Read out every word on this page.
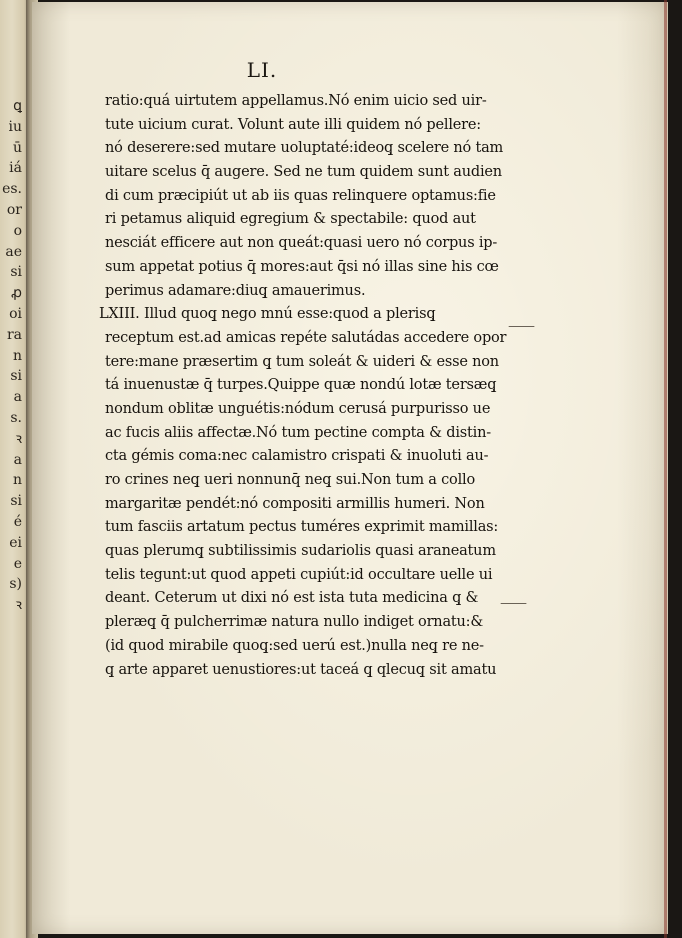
ꝗ
iu
ū
iá
es.
or
o
ae
si
ꝓ
oi
ra
n
si
a
s.
ꝛ
a
n
si
é
ei
e
s)
ꝛ
LI.
ratio:quá uirtutem appellamus.Nó enim uicio sed uir-
tute uicium curat. Volunt aute illi quidem nó pellere:
nó deserere:sed mutare uoluptaté:ideoq̧ scelere nó tam
uitare scelus q̄ augere. Sed ne tum quidem sunt audien
di cum præcipiút ut ab iis quas relinquere optamus:fie
ri petamus aliquid egregium & spectabile: quod aut
nesciát efficere aut non queát:quasi uero nó corpus ip-
sum appetat potius q̄ mores:aut q̄si nó illas sine his cœ
perimus adamare:diuq̧ amauerimus.
LXIII. Illud quoq̧ nego mnú esse:quod a plerisq̧
receptum est.ad amicas repéte salutádas accedere opor
tere:mane præsertim q̧ tum soleát & uideri & esse non
tá inuenustæ q̄ turpes.Quippe quæ nondú lotæ tersæq̧
nondum oblitæ unguétis:nódum cerusá purpurisso ue
ac fucis aliis affectæ.Nó tum pectine compta & distin-
cta gémis coma:nec calamistro crispati & inuoluti au-
ro crines neq̧ ueri nonnunq̄ neq̧ sui.Non tum a collo
margaritæ pendét:nó compositi armillis humeri. Non
tum fasciis artatum pectus tuméres exprimit mamillas:
quas plerumq̧ subtilissimis sudariolis quasi araneatum
telis tegunt:ut quod appeti cupiút:id occultare uelle ui
deant. Ceterum ut dixi nó est ista tuta medicina q̧ &
pleræq̧ q̄ pulcherrimæ natura nullo indiget ornatu:&
(id quod mirabile quoq̧:sed uerú est.)nulla neq̧ re ne-
q̧ arte apparet uenustiores:ut taceá q̧ qlecuq̧ sit amatu
⸺
⸺
